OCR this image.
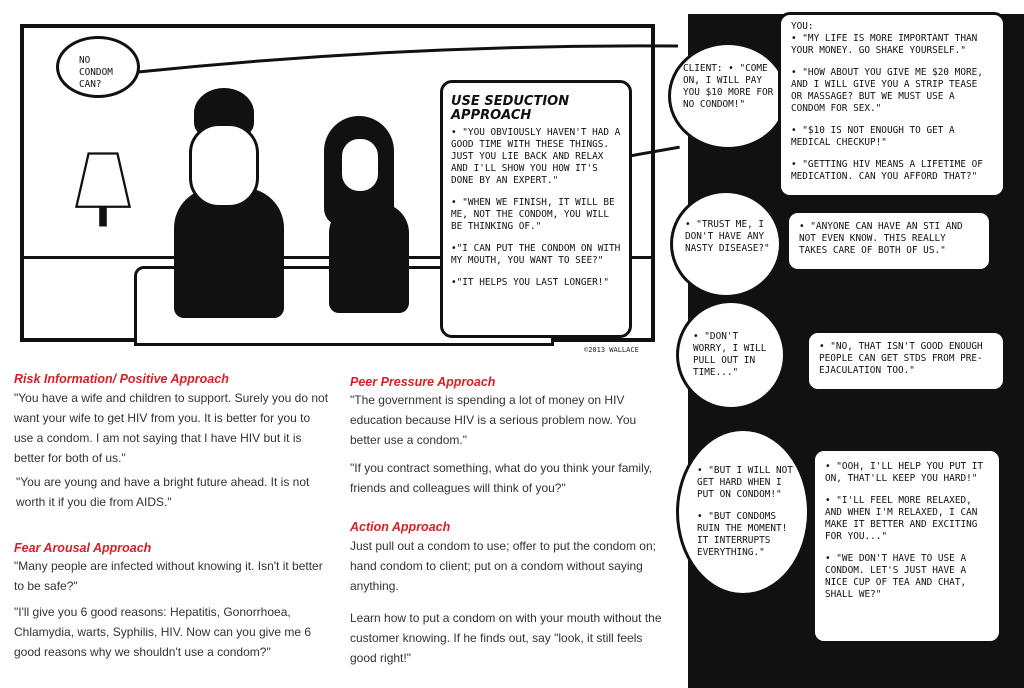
©2013 WALLACE
NO CONDOM CAN?
USE SEDUCTION APPROACH

• "YOU OBVIOUSLY HAVEN'T HAD A GOOD TIME WITH THESE THINGS. JUST YOU LIE BACK AND RELAX AND I'LL SHOW YOU HOW IT'S DONE BY AN EXPERT."

• "WHEN WE FINISH, IT WILL BE ME, NOT THE CONDOM, YOU WILL BE THINKING OF."

•"I CAN PUT THE CONDOM ON WITH MY MOUTH, YOU WANT TO SEE?"

•"IT HELPS YOU LAST LONGER!"

CLIENT: • "COME ON, I WILL PAY YOU $10 MORE FOR NO CONDOM!"

YOU:

• "MY LIFE IS MORE IMPORTANT THAN YOUR MONEY. GO SHAKE YOURSELF."

• "HOW ABOUT YOU GIVE ME $20 MORE, AND I WILL GIVE YOU A STRIP TEASE OR MASSAGE? BUT WE MUST USE A CONDOM FOR SEX."

• "$10 IS NOT ENOUGH TO GET A MEDICAL CHECKUP!"

• "GETTING HIV MEANS A LIFETIME OF MEDICATION. CAN YOU AFFORD THAT?"

• "TRUST ME, I DON'T HAVE ANY NASTY DISEASE?"
• "ANYONE CAN HAVE AN STI AND NOT EVEN KNOW. THIS REALLY TAKES CARE OF BOTH OF US."
• "DON'T WORRY, I WILL PULL OUT IN TIME..."
• "NO, THAT ISN'T GOOD ENOUGH PEOPLE CAN GET STDS FROM PRE-EJACULATION TOO."

• "BUT I WILL NOT GET HARD WHEN I PUT ON CONDOM!"

• "BUT CONDOMS RUIN THE MOMENT! IT INTERRUPTS EVERYTHING."

• "OOH, I'LL HELP YOU PUT IT ON, THAT'LL KEEP YOU HARD!"

• "I'LL FEEL MORE RELAXED, AND WHEN I'M RELAXED, I CAN MAKE IT BETTER AND EXCITING FOR YOU..."

• "WE DON'T HAVE TO USE A CONDOM. LET'S JUST HAVE A NICE CUP OF TEA AND CHAT, SHALL WE?"

Risk Information/ Positive Approach

"You have a wife and children to support. Surely you do not want your wife to get HIV from you. It is better for you to use a condom. I am not saying that I have HIV but it is better for both of us."

"You are young and have a bright future ahead. It is not worth it if you die from AIDS."

Fear Arousal Approach

"Many people are infected without knowing it. Isn't it better to be safe?"

"I'll give you 6 good reasons: Hepatitis, Gonorrhoea, Chlamydia, warts, Syphilis, HIV. Now can you give me 6 good reasons why we shouldn't use a condom?"

Peer Pressure Approach

"The government is spending a lot of money on HIV education because HIV is a serious problem now. You better use a condom."

"If you contract something, what do you think your family, friends and colleagues will think of you?"

Action Approach

Just pull out a condom to use; offer to put the condom on; hand condom to client; put on a condom without saying anything.

Learn how to put a condom on with your mouth without the customer knowing. If he finds out, say "look, it still feels good right!"
